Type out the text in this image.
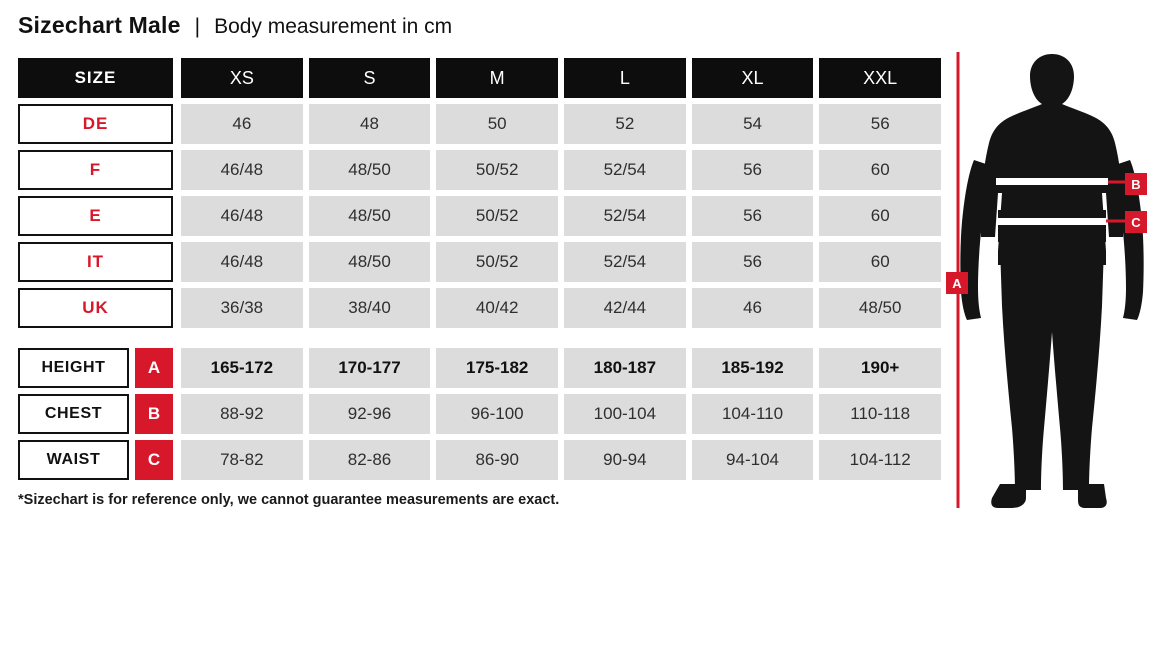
Sizechart Male | Body measurement in cm
SIZE	XS	S	M	L	XL	XXL
DE	46	48	50	52	54	56
F	46/48	48/50	50/52	52/54	56	60
E	46/48	48/50	50/52	52/54	56	60
IT	46/48	48/50	50/52	52/54	56	60
UK	36/38	38/40	40/42	42/44	46	48/50
HEIGHT	A	165-172	170-177	175-182	180-187	185-192	190+
CHEST	B	88-92	92-96	96-100	100-104	104-110	110-118
WAIST	C	78-82	82-86	86-90	90-94	94-104	104-112
*Sizechart is for reference only, we cannot guarantee measurements are exact.
A
B
C
